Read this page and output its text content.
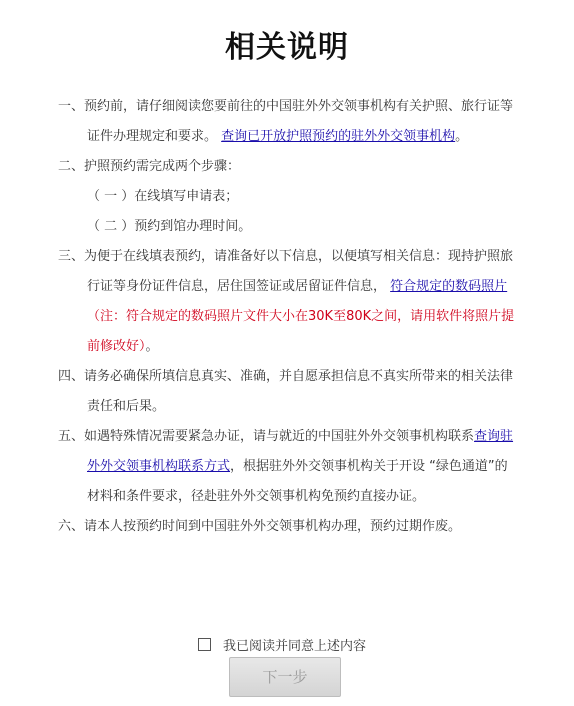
相关说明
一、预约前，请仔细阅读您要前往的中国驻外外交领事机构有关护照、旅行证等证件办理规定和要求。 查询已开放护照预约的驻外外交领事机构。
二、护照预约需完成两个步骤：
（ 一 ）在线填写申请表；
（ 二 ）预约到馆办理时间。
三、为便于在线填表预约，请准备好以下信息，以便填写相关信息：现持护照旅行证等身份证件信息，居住国签证或居留证件信息， 符合规定的数码照片（注：符合规定的数码照片文件大小在30K至80K之间，请用软件将照片提前修改好）。
四、请务必确保所填信息真实、准确，并自愿承担信息不真实所带来的相关法律责任和后果。
五、如遇特殊情况需要紧急办证，请与就近的中国驻外外交领事机构联系查询驻外外交领事机构联系方式，根据驻外外交领事机构关于开设 “绿色通道”的材料和条件要求，径赴驻外外交领事机构免预约直接办证。
六、请本人按预约时间到中国驻外外交领事机构办理，预约过期作废。
我已阅读并同意上述内容
下一步
